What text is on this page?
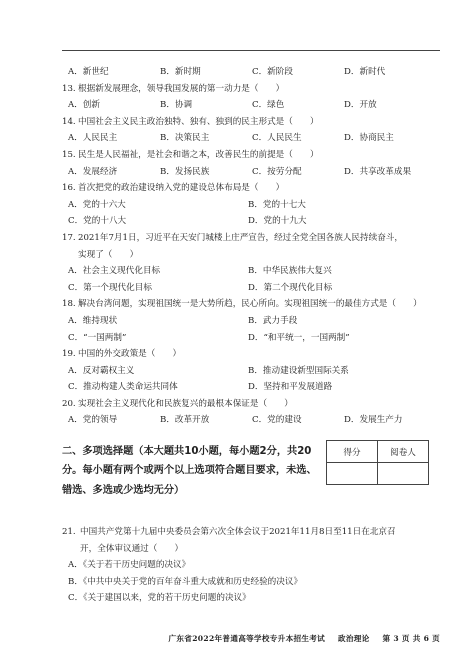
A．新世纪	B．新时期	C．新阶段	D．新时代
13. 根据新发展理念，领导我国发展的第一动力是（　　）
A．创新	B．协调	C．绿色	D．开放
14. 中国社会主义民主政治独特、独有、独到的民主形式是（　　）
A．人民民主	B．决策民主	C．人民民生	D．协商民主
15. 民生是人民福祉，是社会和谐之本，改善民生的前提是（　　）
A．发展经济	B．发扬民族	C．按劳分配	D．共享改革成果
16. 首次把党的政治建设纳入党的建设总体布局是（　　）
A．党的十六大	B．党的十七大
C．党的十八大	D．党的十九大
17. 2021年7月1日，习近平在天安门城楼上庄严宣告，经过全党全国各族人民持续奋斗，
实现了（　　）
A．社会主义现代化目标	B．中华民族伟大复兴
C．第一个现代化目标	D．第二个现代化目标
18. 解决台湾问题，实现祖国统一是大势所趋，民心所向。实现祖国统一的最佳方式是（　　）
A．维持现状	B．武力手段
C．“一国两制”	D．“和平统一，一国两制”
19. 中国的外交政策是（　　）
A．反对霸权主义	B．推动建设新型国际关系
C．推动构建人类命运共同体	D．坚持和平发展道路
20. 实现社会主义现代化和民族复兴的最根本保证是（　　）
A．党的领导	B．改革开放	C．党的建设	D．发展生产力
二、多项选择题（本大题共10小题，每小题2分，共20
分。每小题有两个或两个以上选项符合题目要求，未选、
错选、多选或少选均无分）
得分	阅卷人

21. 中国共产党第十九届中央委员会第六次全体会议于2021年11月8日至11日在北京召
开，全体审议通过（　　）
A．《关于若干历史问题的决议》
B．《中共中央关于党的百年奋斗重大成就和历史经验的决议》
C．《关于建国以来，党的若干历史问题的决议》
广东省2022年普通高等学校专升本招生考试 政治理论 第 3 页 共 6 页
